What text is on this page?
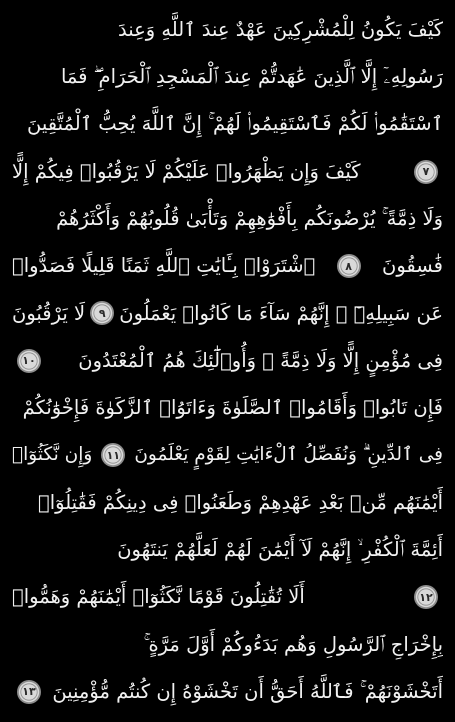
كَيْفَ يَكُونُ لِلْمُشْرِكِينَ عَهْدٌ عِندَ ٱللَّهِ وَعِندَ
رَسُولِهِۦٓ إِلَّا ٱلَّذِينَ عَٰهَدتُّمْ عِندَ ٱلْمَسْجِدِ ٱلْحَرَامِ ۖ فَمَا
ٱسْتَقَٰمُوا۟ لَكُمْ فَٱسْتَقِيمُوا۟ لَهُمْ ۚ إِنَّ ٱللَّهَ يُحِبُّ ٱلْمُتَّقِينَ
٧
كَيْفَ وَإِن يَظْهَرُوا۟ عَلَيْكُمْ لَا يَرْقُبُوا۟ فِيكُمْ إِلًّا
وَلَا ذِمَّةً ۚ يُرْضُونَكُم بِأَفْوَٰهِهِمْ وَتَأْبَىٰ قُلُوبُهُمْ وَأَكْثَرُهُمْ
فَٰسِقُونَ
٨
ٱشْتَرَوْا۟ بِـَٔايَٰتِ ٱللَّهِ ثَمَنًا قَلِيلًا فَصَدُّوا۟
عَن سَبِيلِهِۦٓ ۚ إِنَّهُمْ سَآءَ مَا كَانُوا۟ يَعْمَلُونَ
٩
لَا يَرْقُبُونَ
فِى مُؤْمِنٍ إِلًّا وَلَا ذِمَّةً ۚ وَأُو۟لَٰٓئِكَ هُمُ ٱلْمُعْتَدُونَ
١٠
فَإِن تَابُوا۟ وَأَقَامُوا۟ ٱلصَّلَوٰةَ وَءَاتَوُا۟ ٱلزَّكَوٰةَ فَإِخْوَٰنُكُمْ
فِى ٱلدِّينِ ۗ وَنُفَصِّلُ ٱلْءَايَٰتِ لِقَوْمٍ يَعْلَمُونَ
١١
وَإِن نَّكَثُوٓا۟
أَيْمَٰنَهُم مِّنۢ بَعْدِ عَهْدِهِمْ وَطَعَنُوا۟ فِى دِينِكُمْ فَقَٰتِلُوٓا۟
أَئِمَّةَ ٱلْكُفْرِ ۙ إِنَّهُمْ لَآ أَيْمَٰنَ لَهُمْ لَعَلَّهُمْ يَنتَهُونَ
١٢
أَلَا تُقَٰتِلُونَ قَوْمًا نَّكَثُوٓا۟ أَيْمَٰنَهُمْ وَهَمُّوا۟
بِإِخْرَاجِ ٱلرَّسُولِ وَهُم بَدَءُوكُمْ أَوَّلَ مَرَّةٍ ۚ
أَتَخْشَوْنَهُمْ ۚ فَٱللَّهُ أَحَقُّ أَن تَخْشَوْهُ إِن كُنتُم مُّؤْمِنِينَ
١٣
